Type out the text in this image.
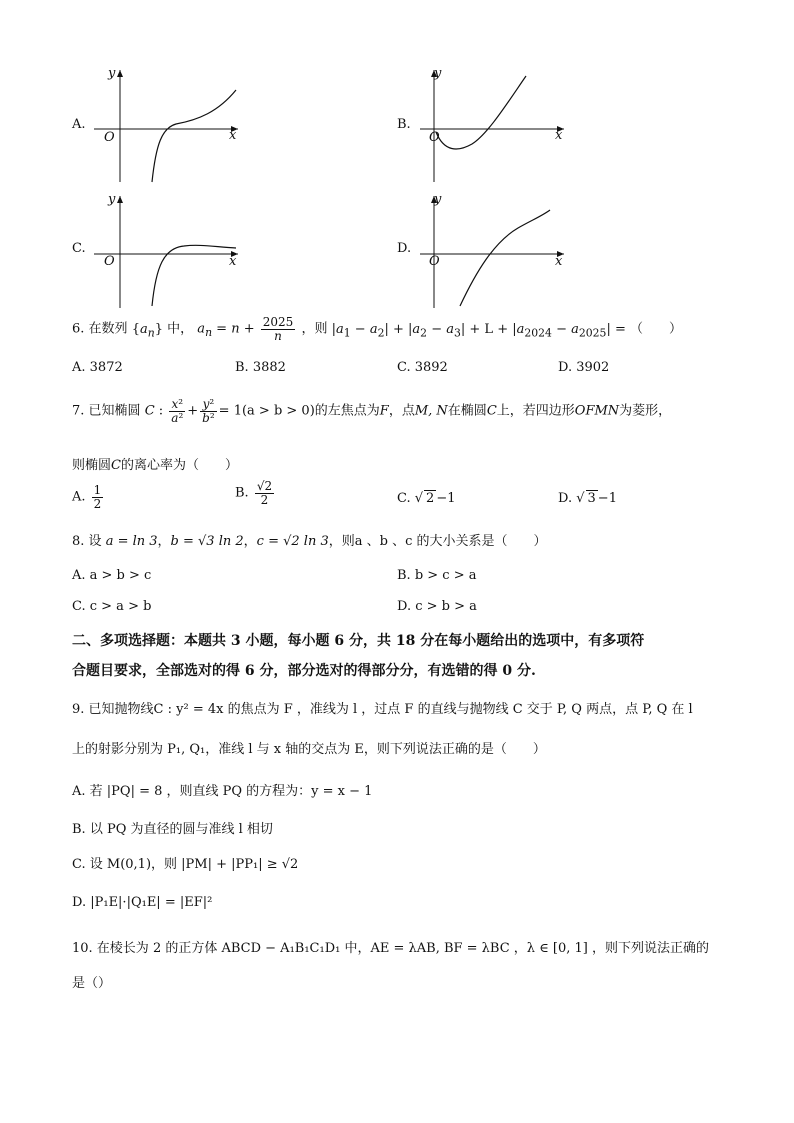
A.
y
x
O
B.
y
x
O
C.
y
x
O
D.
y
x
O
6. 在数列 $\{a_n\}$ 中， $a_n = n + \frac{2025}{n}$ ，则 $|a_1 - a_2| + |a_2 - a_3| + L + |a_{2024} - a_{2025}|$ = （　　）
A. 3872	B. 3882	C. 3892	D. 3902
7. 已知椭圆 C : $\frac{\text{x²}}{\text{a²}} + \frac{\text{y²}}{\text{b²}} = 1(a > b > 0)$的左焦点为F，点M, N在椭圆C上，若四边形OFMN为菱形，
则椭圆C的离心率为（　　）
A. $\frac{1}{2}$	B. $\frac{√2}{2}$	C. √ 2 −1	D. √ 3 −1
8. 设 a = ln 3，b = √3 ln 2，c = √2 ln 3，则a 、b 、c 的大小关系是（　　）
A. a > b > c	B. b > c > a
C. c > a > b	D. c > b > a
二、多项选择题：本题共 3 小题，每小题 6 分，共 18 分在每小题给出的选项中，有多项符
合题目要求，全部选对的得 6 分，部分选对的得部分分，有选错的得 0 分.
9. 已知抛物线C : y² = 4x 的焦点为 F ，准线为 l ，过点 F 的直线与抛物线 C 交于 P, Q 两点，点 P, Q 在 l
上的射影分别为 P₁, Q₁，准线 l 与 x 轴的交点为 E，则下列说法正确的是（　　）
A. 若 |PQ| = 8 ，则直线 PQ 的方程为：y = x − 1
B. 以 PQ 为直径的圆与准线 l 相切
C. 设 M(0,1)，则 |PM| + |PP₁| ≥ √2
D. |P₁E|·|Q₁E| = |EF|²
10. 在棱长为 2 的正方体 ABCD − A₁B₁C₁D₁ 中，AE = λAB, BF = λBC ，λ ∈ [0, 1] ，则下列说法正确的
是（）
